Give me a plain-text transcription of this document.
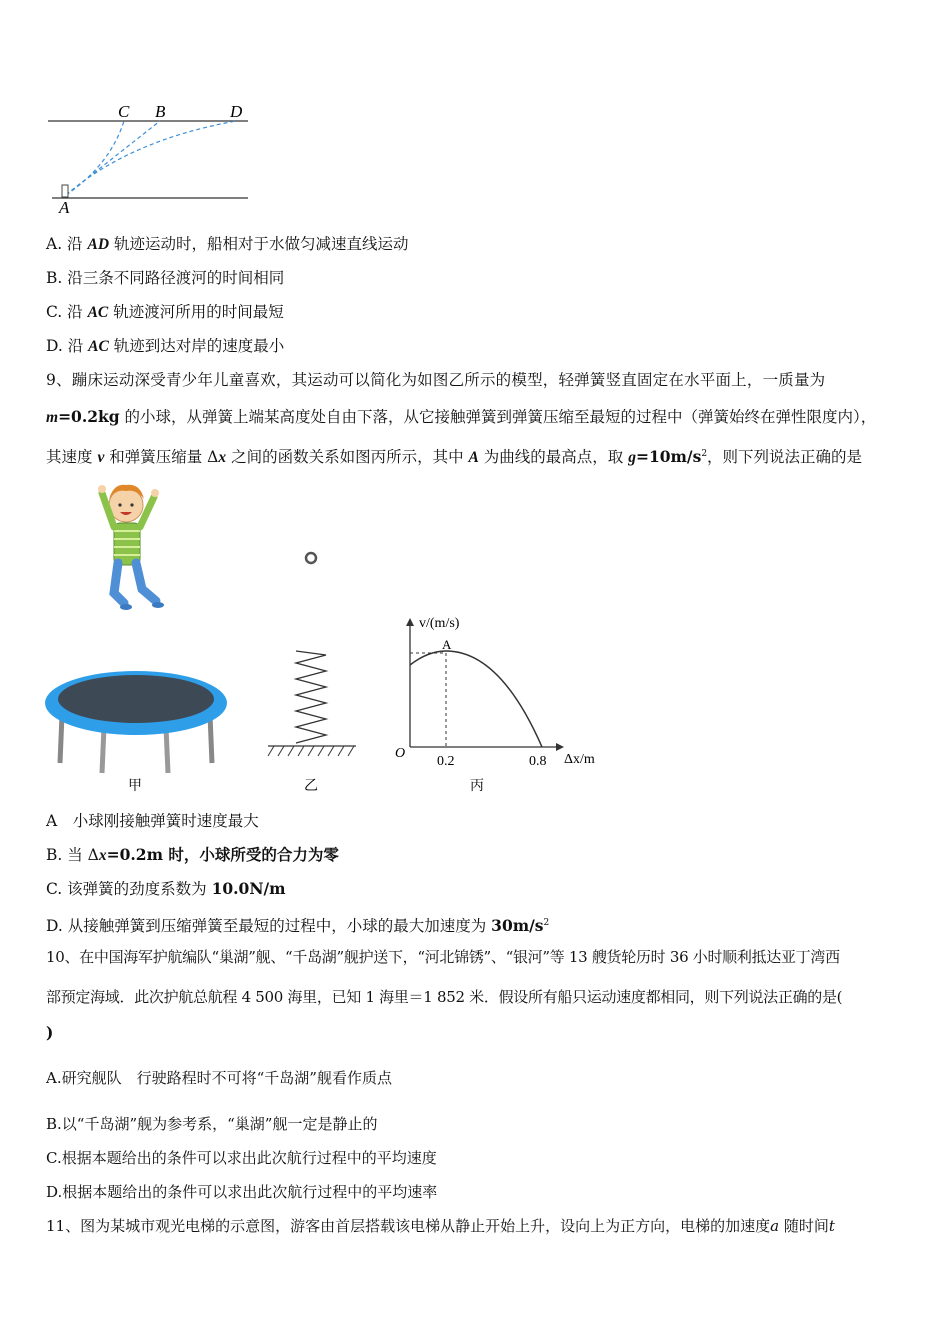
C B	D
A
A. 沿 AD 轨迹运动时，船相对于水做匀减速直线运动
B. 沿三条不同路径渡河的时间相同
C. 沿 AC 轨迹渡河所用的时间最短
D. 沿 AC 轨迹到达对岸的速度最小
9、蹦床运动深受青少年儿童喜欢，其运动可以简化为如图乙所示的模型，轻弹簧竖直固定在水平面上，一质量为
m=0.2kg 的小球，从弹簧上端某高度处自由下落，从它接触弹簧到弹簧压缩至最短的过程中（弹簧始终在弹性限度内），
其速度 v 和弹簧压缩量 Δx 之间的函数关系如图丙所示，其中 A 为曲线的最高点，取 $g=10m/s^2$，则下列说法正确的是
v/(m/s)
A
O
0.2	0.8 Δx/m
甲	乙	丙
A　小球刚接触弹簧时速度最大
B. 当 Δx=0.2m 时，小球所受的合力为零
C. 该弹簧的劲度系数为 10.0N/m
D. 从接触弹簧到压缩弹簧至最短的过程中，小球的最大加速度为 $30m/s^2$
10、在中国海军护航编队“巢湖”舰、“千岛湖”舰护送下，“河北锦锈”、“银河”等 13 艘货轮历时 36 小时顺利抵达亚丁湾西
部预定海域．此次护航总航程 4 500 海里，已知 1 海里＝1 852 米．假设所有船只运动速度都相同，则下列说法正确的是(
)
A.研究舰队　行驶路程时不可将“千岛湖”舰看作质点
B.以“千岛湖”舰为参考系，“巢湖”舰一定是静止的
C.根据本题给出的条件可以求出此次航行过程中的平均速度
D.根据本题给出的条件可以求出此次航行过程中的平均速率
11、图为某城市观光电梯的示意图，游客由首层搭载该电梯从静止开始上升，设向上为正方向，电梯的加速度a 随时间t
